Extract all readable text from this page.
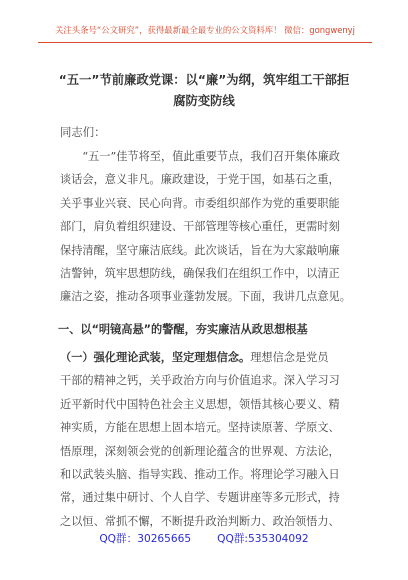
关注头条号“公文研究”，获得最新最全最专业的公文资料库！ 微信：gongwenyj
“五一”节前廉政党课：以“廉”为纲，筑牢组工干部拒
腐防变防线
同志们：
　　“五一”佳节将至，值此重要节点，我们召开集体廉政
谈话会，意义非凡。廉政建设，于党于国，如基石之重，
关乎事业兴衰、民心向背。市委组织部作为党的重要职能
部门，肩负着组织建设、干部管理等核心重任，更需时刻
保持清醒，坚守廉洁底线。此次谈话，旨在为大家敲响廉
洁警钟，筑牢思想防线，确保我们在组织工作中，以清正
廉洁之姿，推动各项事业蓬勃发展。下面，我讲几点意见。
一、以“明镜高悬”的警醒，夯实廉洁从政思想根基
（一）强化理论武装，坚定理想信念。理想信念是党员
干部的精神之钙，关乎政治方向与价值追求。深入学习习
近平新时代中国特色社会主义思想，领悟其核心要义、精
神实质，方能在思想上固本培元。坚持读原著、学原文、
悟原理，深刻领会党的创新理论蕴含的世界观、方法论，
和以武装头脑、指导实践、推动工作。将理论学习融入日
常，通过集中研讨、个人自学、专题讲座等多元形式，持
之以恒、常抓不懈，不断提升政治判断力、政治领悟力、
QQ群：30265665 QQ群:535304092
